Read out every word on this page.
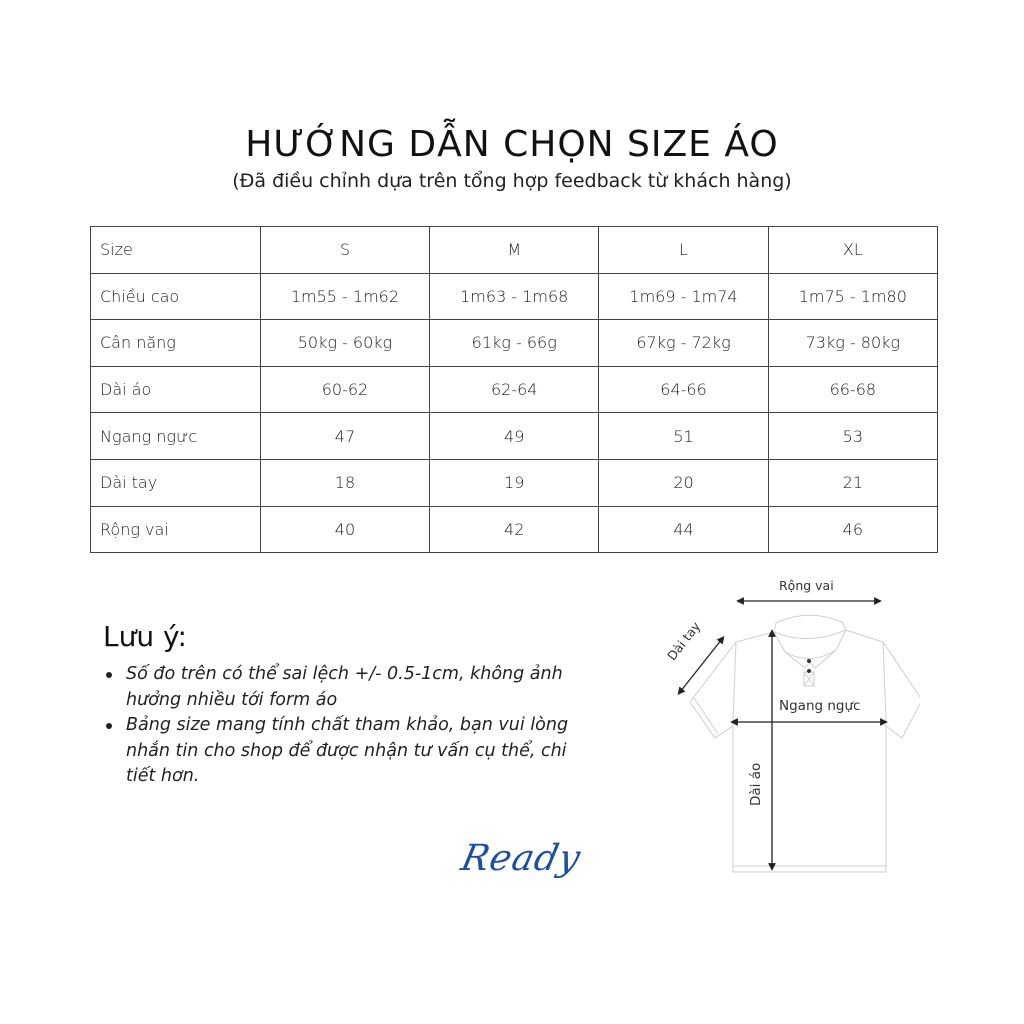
HƯỚNG DẪN CHỌN SIZE ÁO
(Đã điều chỉnh dựa trên tổng hợp feedback từ khách hàng)
Size	S	M	L	XL
Chiều cao	1m55 - 1m62	1m63 - 1m68	1m69 - 1m74	1m75 - 1m80
Cân nặng	50kg - 60kg	61kg - 66g	67kg - 72kg	73kg - 80kg
Dài áo	60-62	62-64	64-66	66-68
Ngang ngực	47	49	51	53
Dài tay	18	19	20	21
Rộng vai	40	42	44	46
Lưu ý:
Số đo trên có thể sai lệch +/- 0.5-1cm, không ảnh hưởng nhiều tới form áo
Bảng size mang tính chất tham khảo, bạn vui lòng nhắn tin cho shop để được nhận tư vấn cụ thể, chi tiết hơn.
Ready
Rộng vai
Dài tay
Ngang ngực
Dài áo
